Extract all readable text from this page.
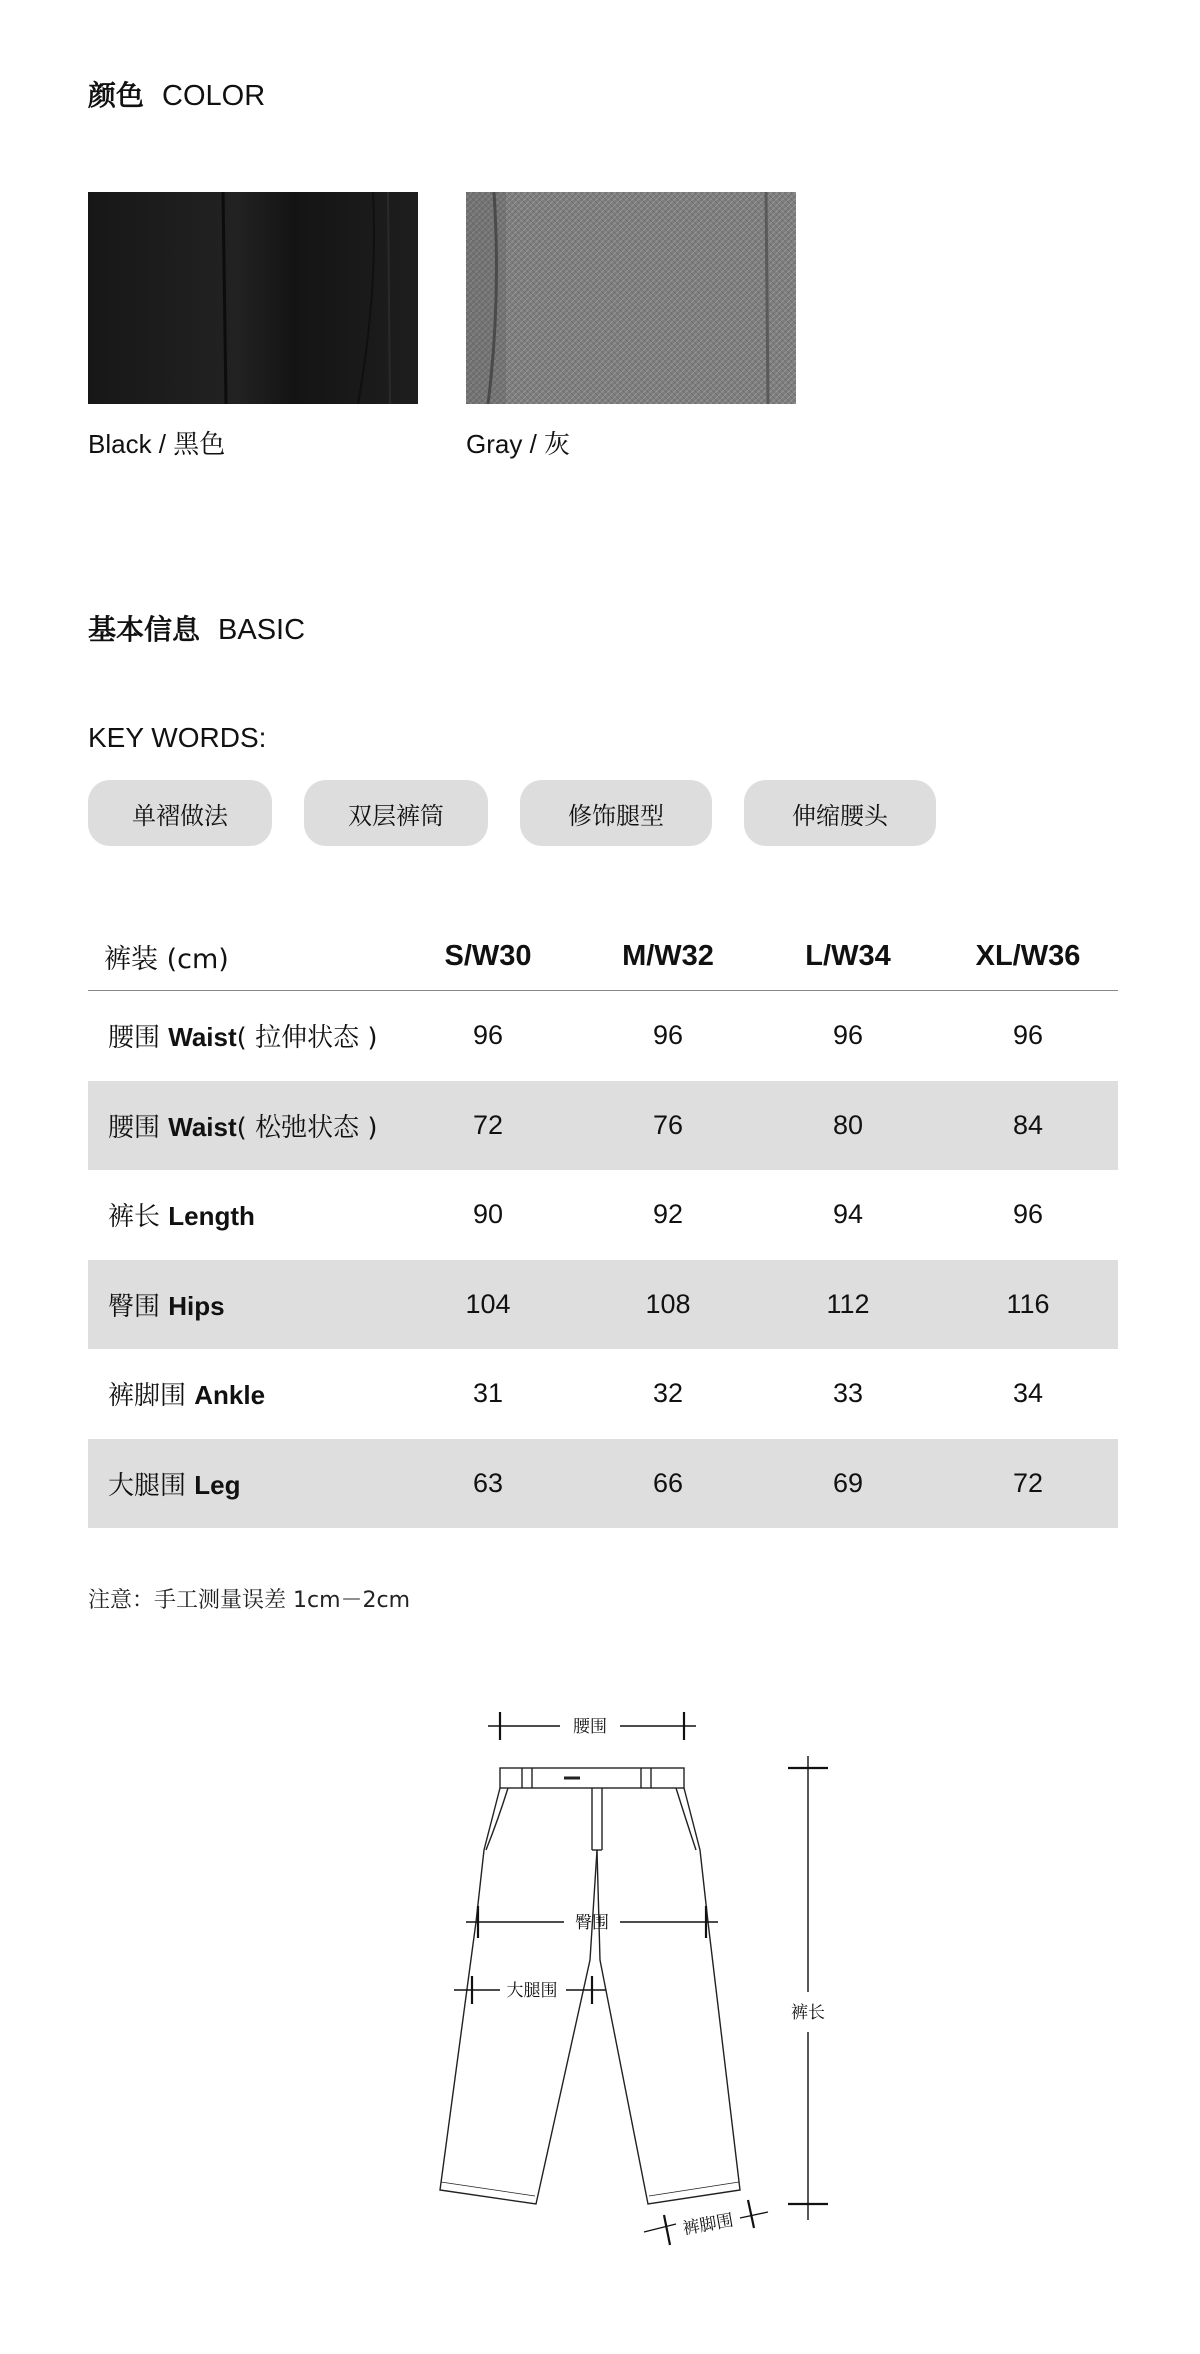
颜色 COLOR
Black / 黑色	Gray / 灰
基本信息 BASIC
KEY WORDS:
单褶做法	双层裤筒	修饰腿型	伸缩腰头
裤装 (cm)	S/W30	M/W32	L/W34	XL/W36
腰围 Waist( 拉伸状态 )	96	96	96	96
腰围 Waist( 松弛状态 )	72	76	80	84
裤长 Length	90	92	94	96
臀围 Hips	104	108	112	116
裤脚围 Ankle	31	32	33	34
大腿围 Leg	63	66	69	72
注意：手工测量误差 1cm－2cm
腰围
臀围
大腿围
裤长
裤脚围
